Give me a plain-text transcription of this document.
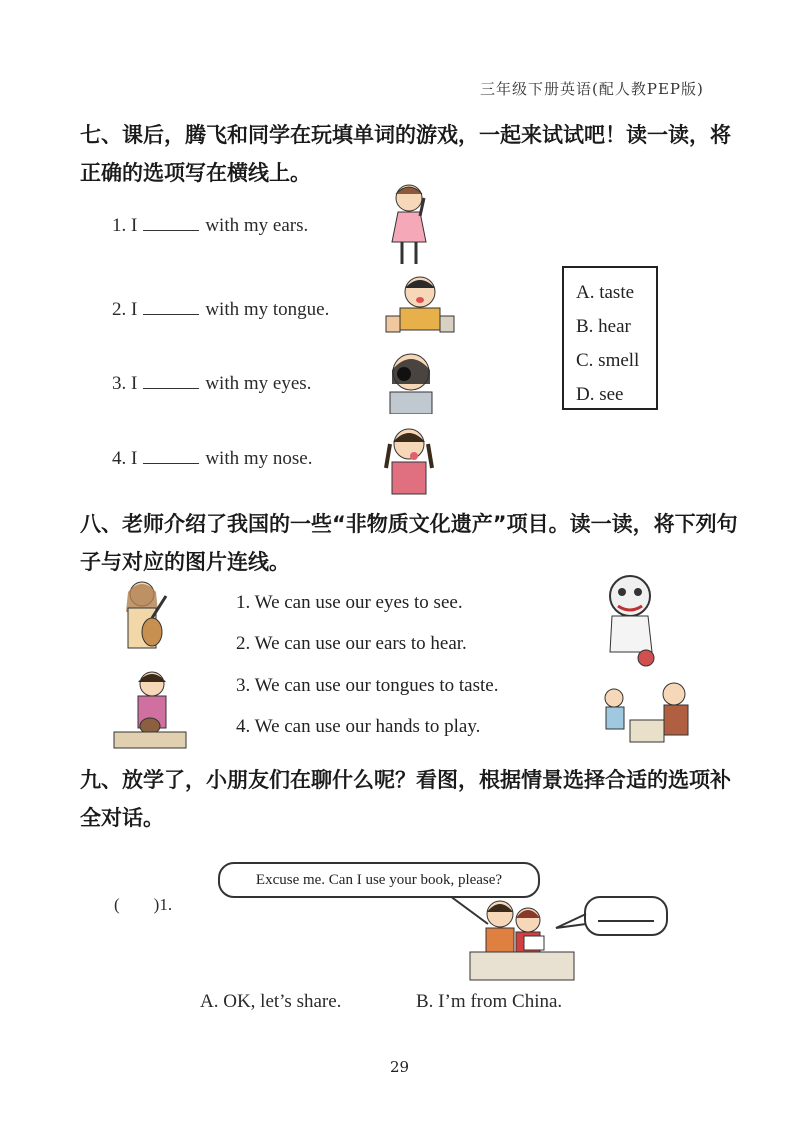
三年级下册英语(配人教PEP版)
七、课后，腾飞和同学在玩填单词的游戏，一起来试试吧！读一读，将正确的选项写在横线上。
1. I	with my ears.
2. I	with my tongue.
3. I	with my eyes.
4. I	with my nose.
A. taste
B. hear
C. smell
D. see
八、老师介绍了我国的一些“非物质文化遗产”项目。读一读，将下列句子与对应的图片连线。
1. We can use our eyes to see.
2. We can use our ears to hear.
3. We can use our tongues to taste.
4. We can use our hands to play.
九、放学了，小朋友们在聊什么呢？看图，根据情景选择合适的选项补全对话。
(　　)1.
Excuse me. Can I use your book, please?
A. OK, let’s share.	B. I’m from China.
29
